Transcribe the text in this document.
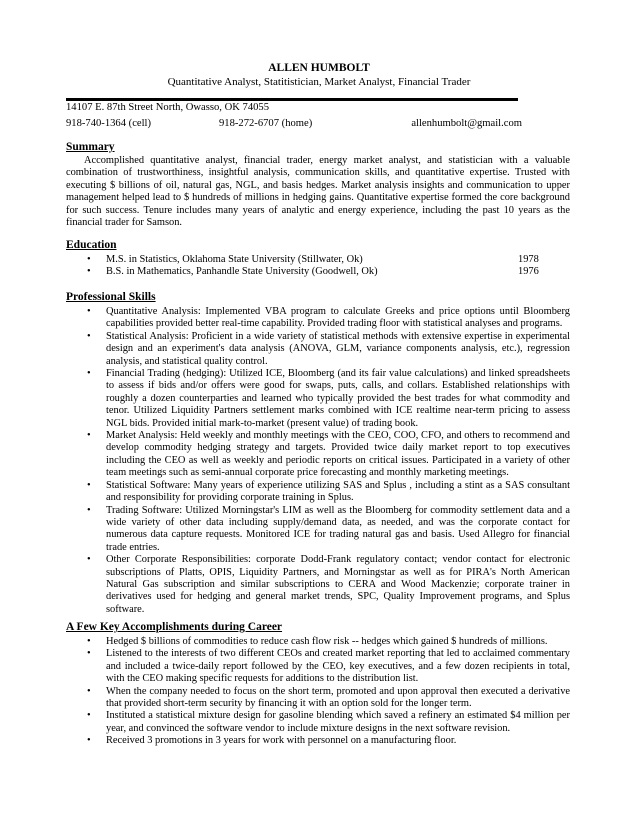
ALLEN HUMBOLT
Quantitative Analyst, Statitistician, Market Analyst, Financial Trader
14107 E. 87th Street North, Owasso, OK 74055
918-740-1364 (cell)	918-272-6707 (home)	allenhumbolt@gmail.com
Summary
Accomplished quantitative analyst, financial trader, energy market analyst, and statistician with a valuable combination of trustworthiness, insightful analysis, communication skills, and quantitative expertise. Trusted with executing $ billions of oil, natural gas, NGL, and basis hedges. Market analysis insights and communication to upper management helped lead to $ hundreds of millions in hedging gains. Quantitative expertise formed the core background for such success. Tenure includes many years of analytic and energy experience, including the past 10 years as the financial trader for Samson.
Education
• M.S. in Statistics, Oklahoma State University (Stillwater, Ok)	1978
• B.S. in Mathematics, Panhandle State University (Goodwell, Ok)	1976
Professional Skills
• Quantitative Analysis: Implemented VBA program to calculate Greeks and price options until Bloomberg capabilities provided better real-time capability. Provided trading floor with statistical analyses and programs.
• Statistical Analysis: Proficient in a wide variety of statistical methods with extensive expertise in experimental design and an experiment's data analysis (ANOVA, GLM, variance components analysis, etc.), regression analysis, and statistical quality control.
• Financial Trading (hedging): Utilized ICE, Bloomberg (and its fair value calculations) and linked spreadsheets to assess if bids and/or offers were good for swaps, puts, calls, and collars. Established relationships with roughly a dozen counterparties and learned who typically provided the best trades for what commodity and tenor. Utilized Liquidity Partners settlement marks combined with ICE realtime near-term pricing to assess NGL bids. Provided initial mark-to-market (present value) of trading book.
• Market Analysis: Held weekly and monthly meetings with the CEO, COO, CFO, and others to recommend and develop commodity hedging strategy and targets. Provided twice daily market report to top executives including the CEO as well as weekly and periodic reports on critical issues. Participated in a variety of other team meetings such as semi-annual corporate price forecasting and monthly marketing meetings.
• Statistical Software: Many years of experience utilizing SAS and Splus , including a stint as a SAS consultant and responsibility for providing corporate training in Splus.
• Trading Software: Utilized Morningstar's LIM as well as the Bloomberg for commodity settlement data and a wide variety of other data including supply/demand data, as needed, and was the corporate contact for numerous data capture requests. Monitored ICE for trading natural gas and basis. Used Allegro for financial trade entries.
• Other Corporate Responsibilities: corporate Dodd-Frank regulatory contact; vendor contact for electronic subscriptions of Platts, OPIS, Liquidity Partners, and Morningstar as well as for PIRA's North American Natural Gas subscription and similar subscriptions to CERA and Wood Mackenzie; corporate trainer in derivatives used for hedging and general market trends, SPC, Quality Improvement programs, and Splus software.
A Few Key Accomplishments during Career
• Hedged $ billions of commodities to reduce cash flow risk -- hedges which gained $ hundreds of millions.
• Listened to the interests of two different CEOs and created market reporting that led to acclaimed commentary and included a twice-daily report followed by the CEO, key executives, and a few dozen recipients in total, with the CEO making specific requests for additions to the distribution list.
• When the company needed to focus on the short term, promoted and upon approval then executed a derivative that provided short-term security by financing it with an option sold for the longer term.
• Instituted a statistical mixture design for gasoline blending which saved a refinery an estimated $4 million per year, and convinced the software vendor to include mixture designs in the next software revision.
• Received 3 promotions in 3 years for work with personnel on a manufacturing floor.
